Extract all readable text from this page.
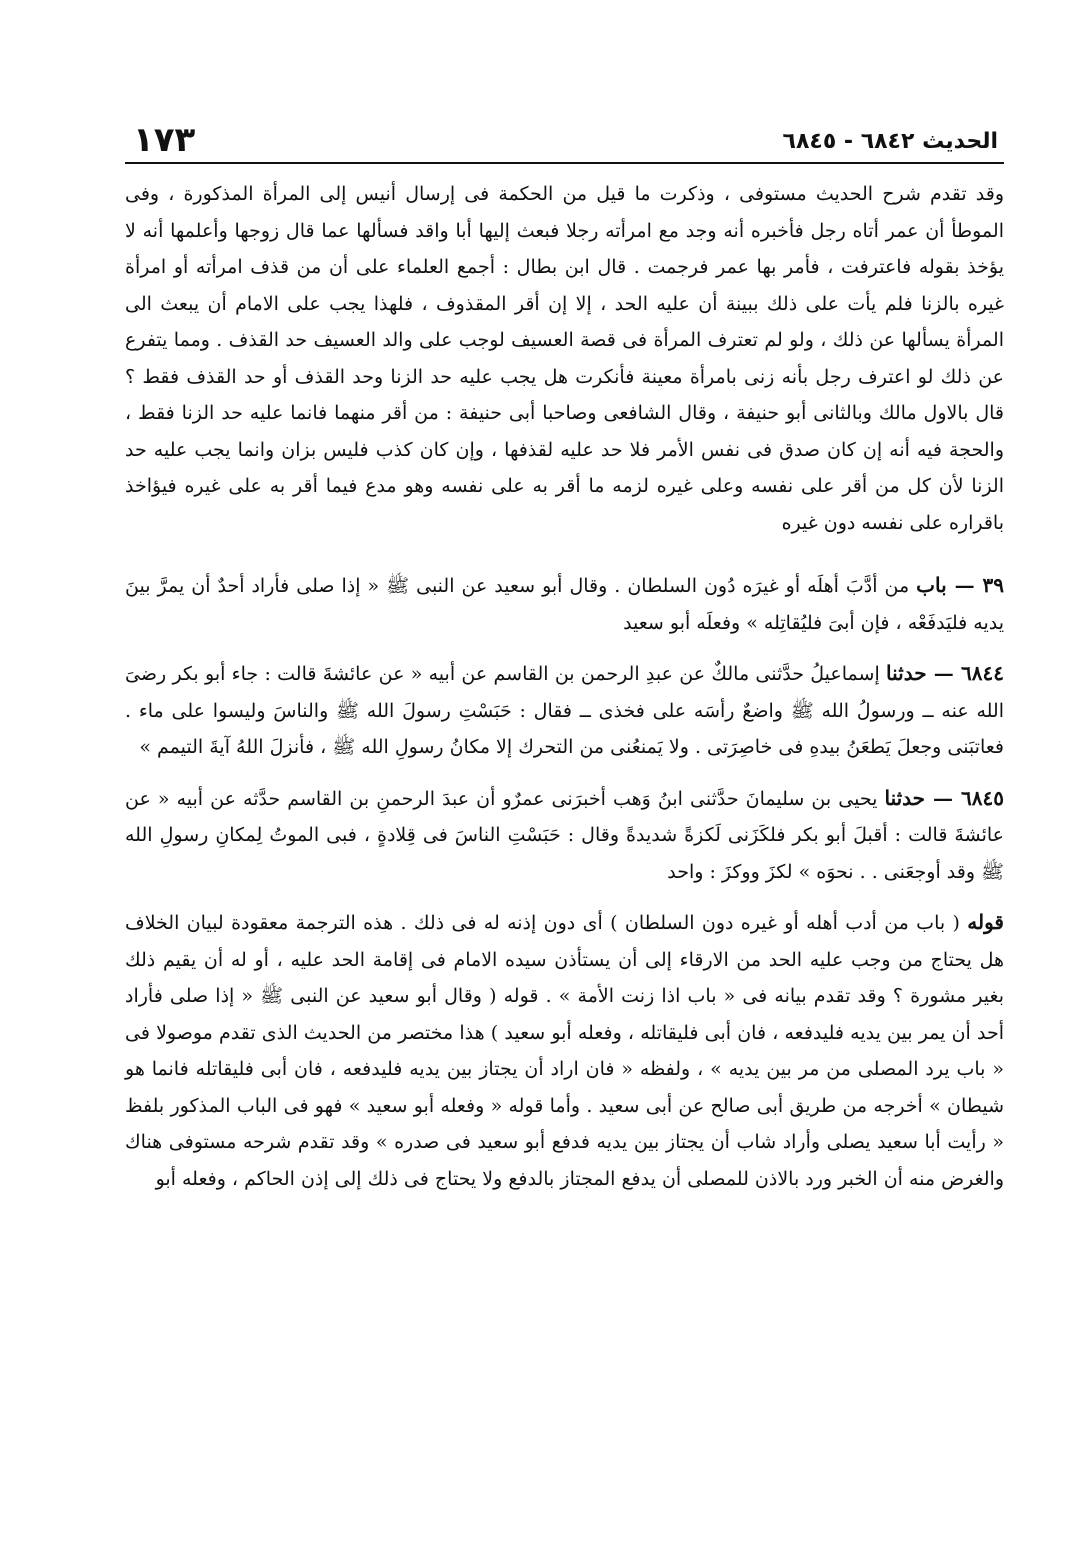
١٧٣	الحديث ٦٨٤٢ - ٦٨٤٥

وقد تقدم شرح الحديث مستوفى ، وذكرت ما قيل من الحكمة فى إرسال أنيس إلى المرأة المذكورة ، وفى الموطأ أن عمر أتاه رجل فأخبره أنه وجد مع امرأته رجلا فبعث إليها أبا واقد فسألها عما قال زوجها وأعلمها أنه لا يؤخذ بقوله فاعترفت ، فأمر بها عمر فرجمت . قال ابن بطال : أجمع العلماء على أن من قذف امرأته أو امرأة غيره بالزنا فلم يأت على ذلك ببينة أن عليه الحد ، إلا إن أقر المقذوف ، فلهذا يجب على الامام أن يبعث الى المرأة يسألها عن ذلك ، ولو لم تعترف المرأة فى قصة العسيف لوجب على والد العسيف حد القذف . ومما يتفرع عن ذلك لو اعترف رجل بأنه زنى بامرأة معينة فأنكرت هل يجب عليه حد الزنا وحد القذف أو حد القذف فقط ؟ قال بالاول مالك وبالثانى أبو حنيفة ، وقال الشافعى وصاحبا أبى حنيفة : من أقر منهما فانما عليه حد الزنا فقط ، والحجة فيه أنه إن كان صدق فى نفس الأمر فلا حد عليه لقذفها ، وإن كان كذب فليس بزان وانما يجب عليه حد الزنا لأن كل من أقر على نفسه وعلى غيره لزمه ما أقر به على نفسه وهو مدع فيما أقر به على غيره فيؤاخذ باقراره على نفسه دون غيره

٣٩ — باب من أدَّبَ أهلَه أو غيرَه دُون السلطان . وقال أبو سعيد عن النبى ﷺ « إذا صلى فأراد أحدٌ أن يمرَّ بينَ يديه فليَدفَعْه ، فإن أبىَ فليُقاتِله » وفعلَه أبو سعيد

٦٨٤٤ — حدثنا إسماعيلُ حدَّثنى مالكٌ عن عبدِ الرحمن بن القاسم عن أبيه « عن عائشةَ قالت : جاء أبو بكر رضىَ الله عنه ــ ورسولُ الله ﷺ واضعٌ رأسَه على فخذى ــ فقال : حَبَسْتِ رسولَ الله ﷺ والناسَ وليسوا على ماء . فعاتبَنى وجعلَ يَطعَنُ بيدهِ فى خاصِرَتى . ولا يَمنعُنى من التحرك إلا مكانُ رسولِ الله ﷺ ، فأنزلَ اللهُ آيةَ التيمم »

٦٨٤٥ — حدثنا يحيى بن سليمانَ حدَّثنى ابنُ وَهب أخبرَنى عمرٌو أن عبدَ الرحمنِ بن القاسم حدَّثه عن أبيه « عن عائشةَ قالت : أقبلَ أبو بكر فلكَزَنى لَكزةً شديدةً وقال : حَبَسْتِ الناسَ فى قِلادةٍ ، فبى الموتُ لِمكانِ رسولِ الله ﷺ وقد أوجعَنى . . نحوَه » لكزَ ووكزَ : واحد

قوله ( باب من أدب أهله أو غيره دون السلطان ) أى دون إذنه له فى ذلك . هذه الترجمة معقودة لبيان الخلاف هل يحتاج من وجب عليه الحد من الارقاء إلى أن يستأذن سيده الامام فى إقامة الحد عليه ، أو له أن يقيم ذلك بغير مشورة ؟ وقد تقدم بيانه فى « باب اذا زنت الأمة » . قوله ( وقال أبو سعيد عن النبى ﷺ « إذا صلى فأراد أحد أن يمر بين يديه فليدفعه ، فان أبى فليقاتله ، وفعله أبو سعيد ) هذا مختصر من الحديث الذى تقدم موصولا فى « باب يرد المصلى من مر بين يديه » ، ولفظه « فان اراد أن يجتاز بين يديه فليدفعه ، فان أبى فليقاتله فانما هو شيطان » أخرجه من طريق أبى صالح عن أبى سعيد . وأما قوله « وفعله أبو سعيد » فهو فى الباب المذكور بلفظ « رأيت أبا سعيد يصلى وأراد شاب أن يجتاز بين يديه فدفع أبو سعيد فى صدره » وقد تقدم شرحه مستوفى هناك والغرض منه أن الخبر ورد بالاذن للمصلى أن يدفع المجتاز بالدفع ولا يحتاج فى ذلك إلى إذن الحاكم ، وفعله أبو
